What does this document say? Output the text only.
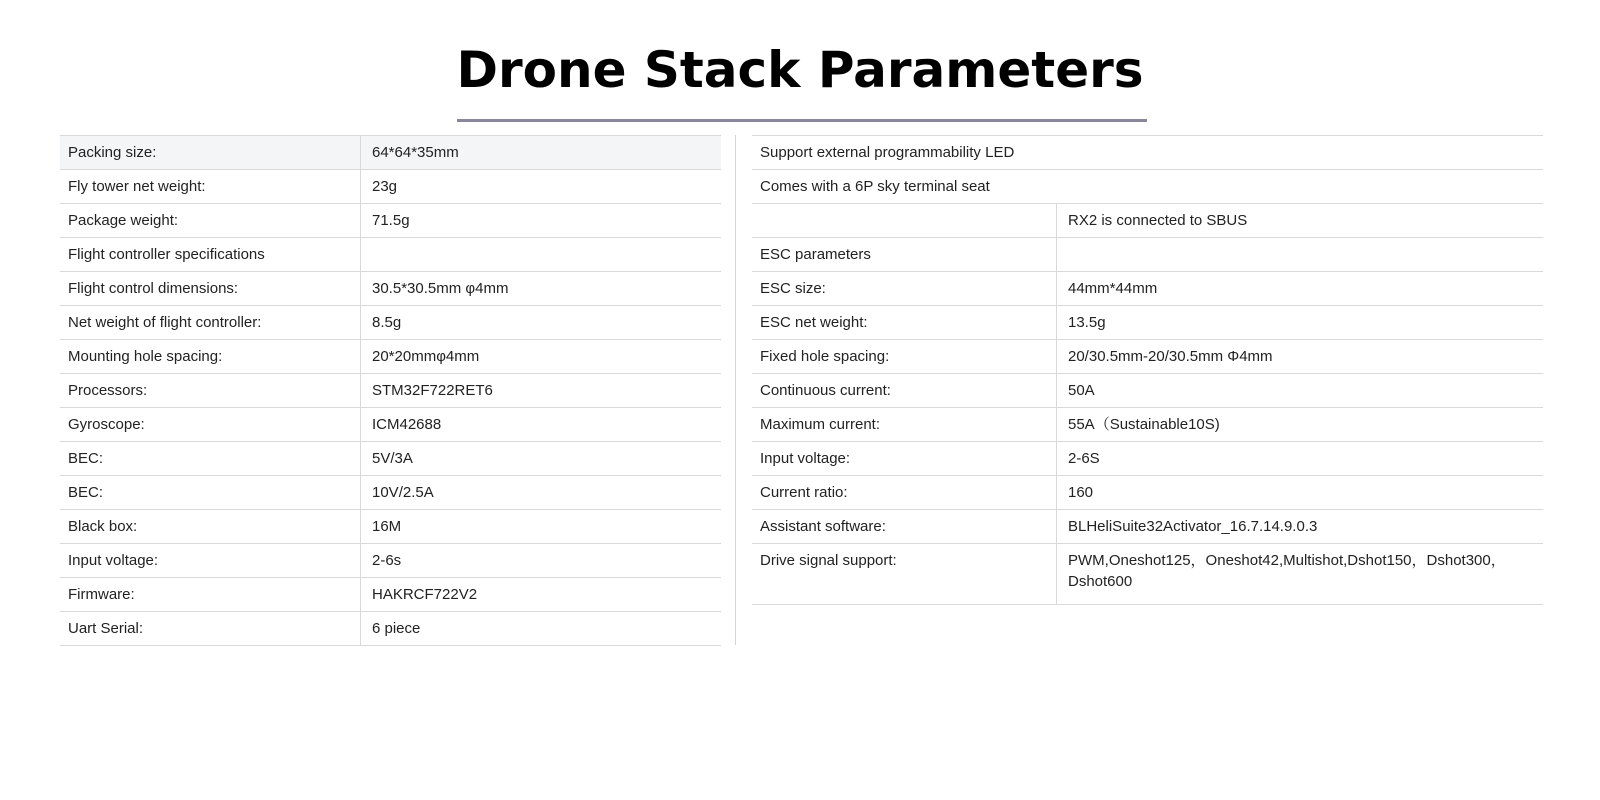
Drone Stack Parameters
Packing size:	64*64*35mm
Fly tower net weight:	23g
Package weight:	71.5g
Flight controller specifications	
Flight control dimensions:	30.5*30.5mm φ4mm
Net weight of flight controller:	8.5g
Mounting hole spacing:	20*20mmφ4mm
Processors:	STM32F722RET6
Gyroscope:	ICM42688
BEC:	5V/3A
BEC:	10V/2.5A
Black box:	16M
Input voltage:	2-6s
Firmware:	HAKRCF722V2
Uart Serial:	6 piece
Support external programmability LED	
Comes with a 6P sky terminal seat	
	RX2 is connected to SBUS
ESC parameters	
ESC size:	44mm*44mm
ESC net weight:	13.5g
Fixed hole spacing:	20/30.5mm-20/30.5mm Φ4mm
Continuous current:	50A
Maximum current:	55A（Sustainable10S)
Input voltage:	2-6S
Current ratio:	160
Assistant software:	BLHeliSuite32Activator_16.7.14.9.0.3
Drive signal support:	PWM,Oneshot125，Oneshot42,Multishot,Dshot150，Dshot300，Dshot600
